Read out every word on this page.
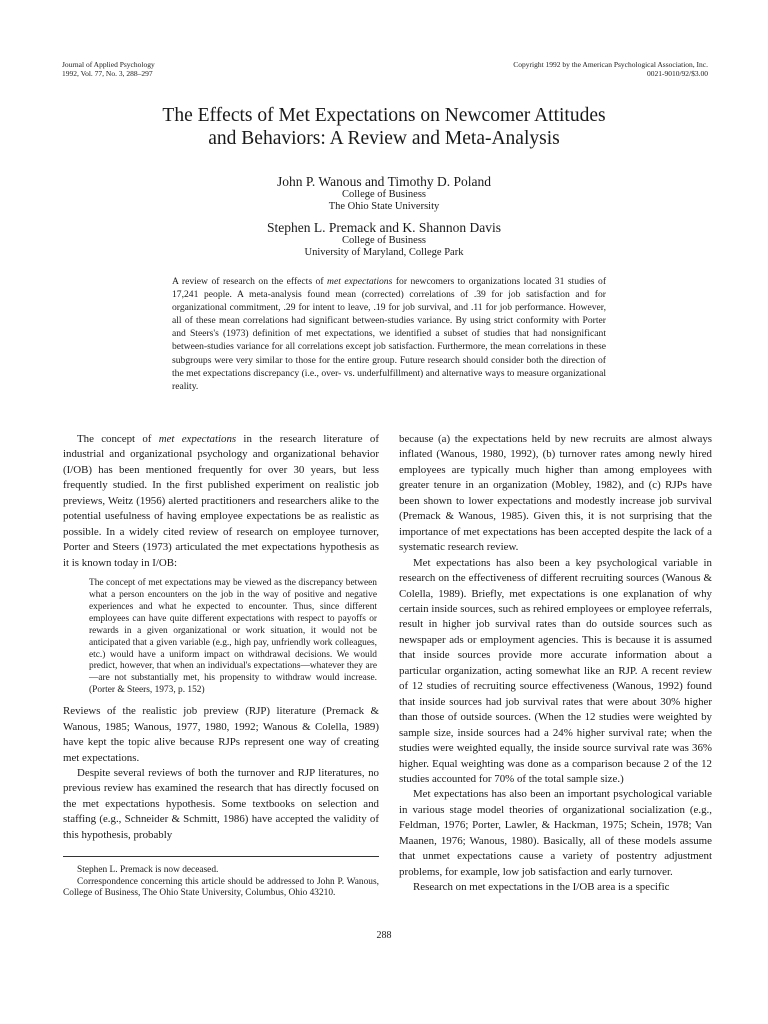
Journal of Applied Psychology
1992, Vol. 77, No. 3, 288–297
Copyright 1992 by the American Psychological Association, Inc.
0021-9010/92/$3.00
The Effects of Met Expectations on Newcomer Attitudes
and Behaviors: A Review and Meta-Analysis
John P. Wanous and Timothy D. Poland
College of Business
The Ohio State University
Stephen L. Premack and K. Shannon Davis
College of Business
University of Maryland, College Park
A review of research on the effects of met expectations for newcomers to organizations located 31 studies of 17,241 people. A meta-analysis found mean (corrected) correlations of .39 for job satisfaction and for organizational commitment, .29 for intent to leave, .19 for job survival, and .11 for job performance. However, all of these mean correlations had significant between-studies variance. By using strict conformity with Porter and Steers's (1973) definition of met expectations, we identified a subset of studies that had nonsignificant between-studies variance for all correlations except job satisfaction. Furthermore, the mean correlations in these subgroups were very similar to those for the entire group. Future research should consider both the direction of the met expectations discrepancy (i.e., over- vs. underfulfillment) and alternative ways to measure organizational reality.

The concept of met expectations in the research literature of industrial and organizational psychology and organizational behavior (I/OB) has been mentioned frequently for over 30 years, but less frequently studied. In the first published experiment on realistic job previews, Weitz (1956) alerted practitioners and researchers alike to the potential usefulness of having employee expectations be as realistic as possible. In a widely cited review of research on employee turnover, Porter and Steers (1973) articulated the met expectations hypothesis as it is known today in I/OB:

The concept of met expectations may be viewed as the discrepancy between what a person encounters on the job in the way of positive and negative experiences and what he expected to encounter. Thus, since different employees can have quite different expectations with respect to payoffs or rewards in a given organizational or work situation, it would not be anticipated that a given variable (e.g., high pay, unfriendly work colleagues, etc.) would have a uniform impact on withdrawal decisions. We would predict, however, that when an individual's expectations—whatever they are—are not substantially met, his propensity to withdraw would increase. (Porter & Steers, 1973, p. 152)

Reviews of the realistic job preview (RJP) literature (Premack & Wanous, 1985; Wanous, 1977, 1980, 1992; Wanous & Colella, 1989) have kept the topic alive because RJPs represent one way of creating met expectations.

Despite several reviews of both the turnover and RJP literatures, no previous review has examined the research that has directly focused on the met expectations hypothesis. Some textbooks on selection and staffing (e.g., Schneider & Schmitt, 1986) have accepted the validity of this hypothesis, probably

Stephen L. Premack is now deceased.

Correspondence concerning this article should be addressed to John P. Wanous, College of Business, The Ohio State University, Columbus, Ohio 43210.

because (a) the expectations held by new recruits are almost always inflated (Wanous, 1980, 1992), (b) turnover rates among newly hired employees are typically much higher than among employees with greater tenure in an organization (Mobley, 1982), and (c) RJPs have been shown to lower expectations and modestly increase job survival (Premack & Wanous, 1985). Given this, it is not surprising that the importance of met expectations has been accepted despite the lack of a systematic research review.

Met expectations has also been a key psychological variable in research on the effectiveness of different recruiting sources (Wanous & Colella, 1989). Briefly, met expectations is one explanation of why certain inside sources, such as rehired employees or employee referrals, result in higher job survival rates than do outside sources such as newspaper ads or employment agencies. This is because it is assumed that inside sources provide more accurate information about a particular organization, acting somewhat like an RJP. A recent review of 12 studies of recruiting source effectiveness (Wanous, 1992) found that inside sources had job survival rates that were about 30% higher than those of outside sources. (When the 12 studies were weighted by sample size, inside sources had a 24% higher survival rate; when the studies were weighted equally, the inside source survival rate was 36% higher. Equal weighting was done as a comparison because 2 of the 12 studies accounted for 70% of the total sample size.)

Met expectations has also been an important psychological variable in various stage model theories of organizational socialization (e.g., Feldman, 1976; Porter, Lawler, & Hackman, 1975; Schein, 1978; Van Maanen, 1976; Wanous, 1980). Basically, all of these models assume that unmet expectations cause a variety of postentry adjustment problems, for example, low job satisfaction and early turnover.

Research on met expectations in the I/OB area is a specific

288
